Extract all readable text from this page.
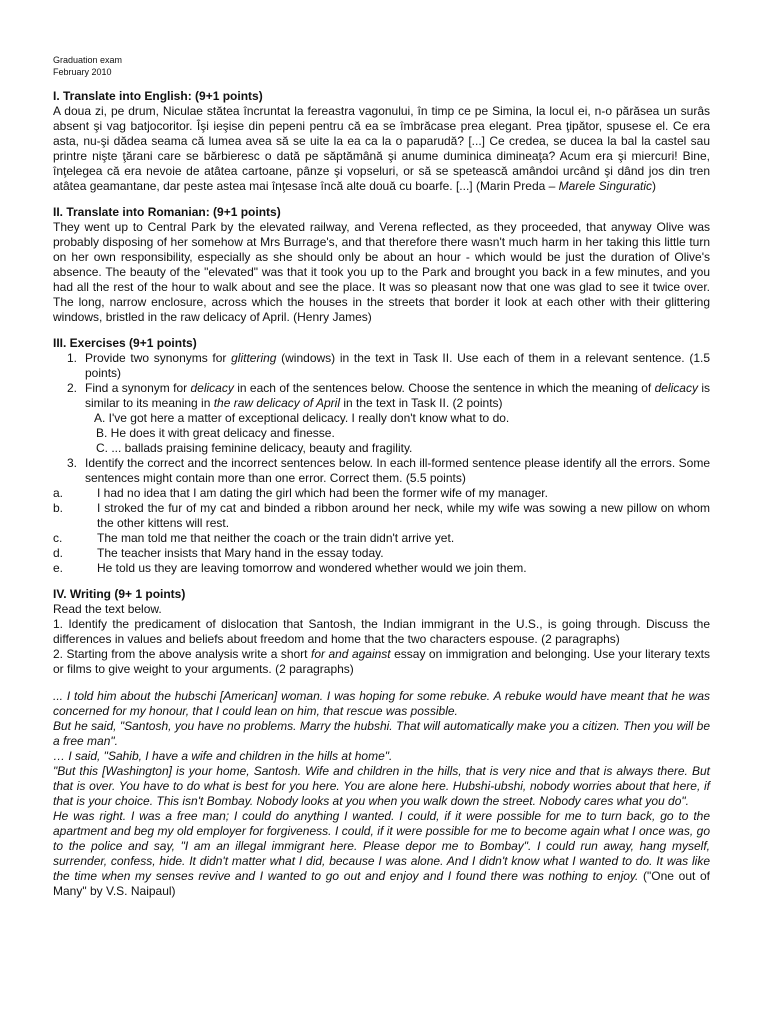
Graduation exam
February 2010
I. Translate into English: (9+1 points)

A doua zi, pe drum, Niculae stătea încruntat la fereastra vagonului, în timp ce pe Simina, la locul ei, n-o părăsea un surâs absent şi vag batjocoritor. Îşi ieşise din pepeni pentru că ea se îmbrăcase prea elegant. Prea ţipător, spusese el. Ce era asta, nu-şi dădea seama că lumea avea să se uite la ea ca la o paparudă? [...] Ce credea, se ducea la bal la castel sau printre nişte ţărani care se bărbieresc o dată pe săptămână şi anume duminica dimineaţa? Acum era şi miercuri! Bine, înţelegea că era nevoie de atâtea cartoane, pânze şi vopseluri, or să se spetească amândoi urcând şi dând jos din tren atâtea geamantane, dar peste astea mai înţesase încă alte două cu boarfe. [...] (Marin Preda – Marele Singuratic)

II. Translate into Romanian: (9+1 points)

They went up to Central Park by the elevated railway, and Verena reflected, as they proceeded, that anyway Olive was probably disposing of her somehow at Mrs Burrage's, and that therefore there wasn't much harm in her taking this little turn on her own responsibility, especially as she should only be about an hour - which would be just the duration of Olive's absence. The beauty of the "elevated" was that it took you up to the Park and brought you back in a few minutes, and you had all the rest of the hour to walk about and see the place. It was so pleasant now that one was glad to see it twice over. The long, narrow enclosure, across which the houses in the streets that border it look at each other with their glittering windows, bristled in the raw delicacy of April. (Henry James)

III. Exercises (9+1 points)
1. Provide two synonyms for glittering (windows) in the text in Task II. Use each of them in a relevant sentence. (1.5 points)
2. Find a synonym for delicacy in each of the sentences below. Choose the sentence in which the meaning of delicacy is similar to its meaning in the raw delicacy of April in the text in Task II. (2 points)
A. I've got here a matter of exceptional delicacy. I really don't know what to do.
B. He does it with great delicacy and finesse.
C. ... ballads praising feminine delicacy, beauty and fragility.
3. Identify the correct and the incorrect sentences below. In each ill-formed sentence please identify all the errors. Some sentences might contain more than one error. Correct them. (5.5 points)
a.	I had no idea that I am dating the girl which had been the former wife of my manager.
b.	I stroked the fur of my cat and binded a ribbon around her neck, while my wife was sowing a new pillow on whom the other kittens will rest.
c.	The man told me that neither the coach or the train didn't arrive yet.
d.	The teacher insists that Mary hand in the essay today.
e.	He told us they are leaving tomorrow and wondered whether would we join them.
IV. Writing (9+ 1 points)

Read the text below.

1. Identify the predicament of dislocation that Santosh, the Indian immigrant in the U.S., is going through. Discuss the differences in values and beliefs about freedom and home that the two characters espouse. (2 paragraphs)

2. Starting from the above analysis write a short for and against essay on immigration and belonging. Use your literary texts or films to give weight to your arguments. (2 paragraphs)

... I told him about the hubschi [American] woman. I was hoping for some rebuke. A rebuke would have meant that he was concerned for my honour, that I could lean on him, that rescue was possible.

But he said, "Santosh, you have no problems. Marry the hubshi. That will automatically make you a citizen. Then you will be a free man".

… I said, "Sahib, I have a wife and children in the hills at home".

"But this [Washington] is your home, Santosh. Wife and children in the hills, that is very nice and that is always there. But that is over. You have to do what is best for you here. You are alone here. Hubshi-ubshi, nobody worries about that here, if that is your choice. This isn't Bombay. Nobody looks at you when you walk down the street. Nobody cares what you do".

He was right. I was a free man; I could do anything I wanted. I could, if it were possible for me to turn back, go to the apartment and beg my old employer for forgiveness. I could, if it were possible for me to become again what I once was, go to the police and say, "I am an illegal immigrant here. Please depor me to Bombay". I could run away, hang myself, surrender, confess, hide. It didn't matter what I did, because I was alone. And I didn't know what I wanted to do. It was like the time when my senses revive and I wanted to go out and enjoy and I found there was nothing to enjoy. ("One out of Many" by V.S. Naipaul)
